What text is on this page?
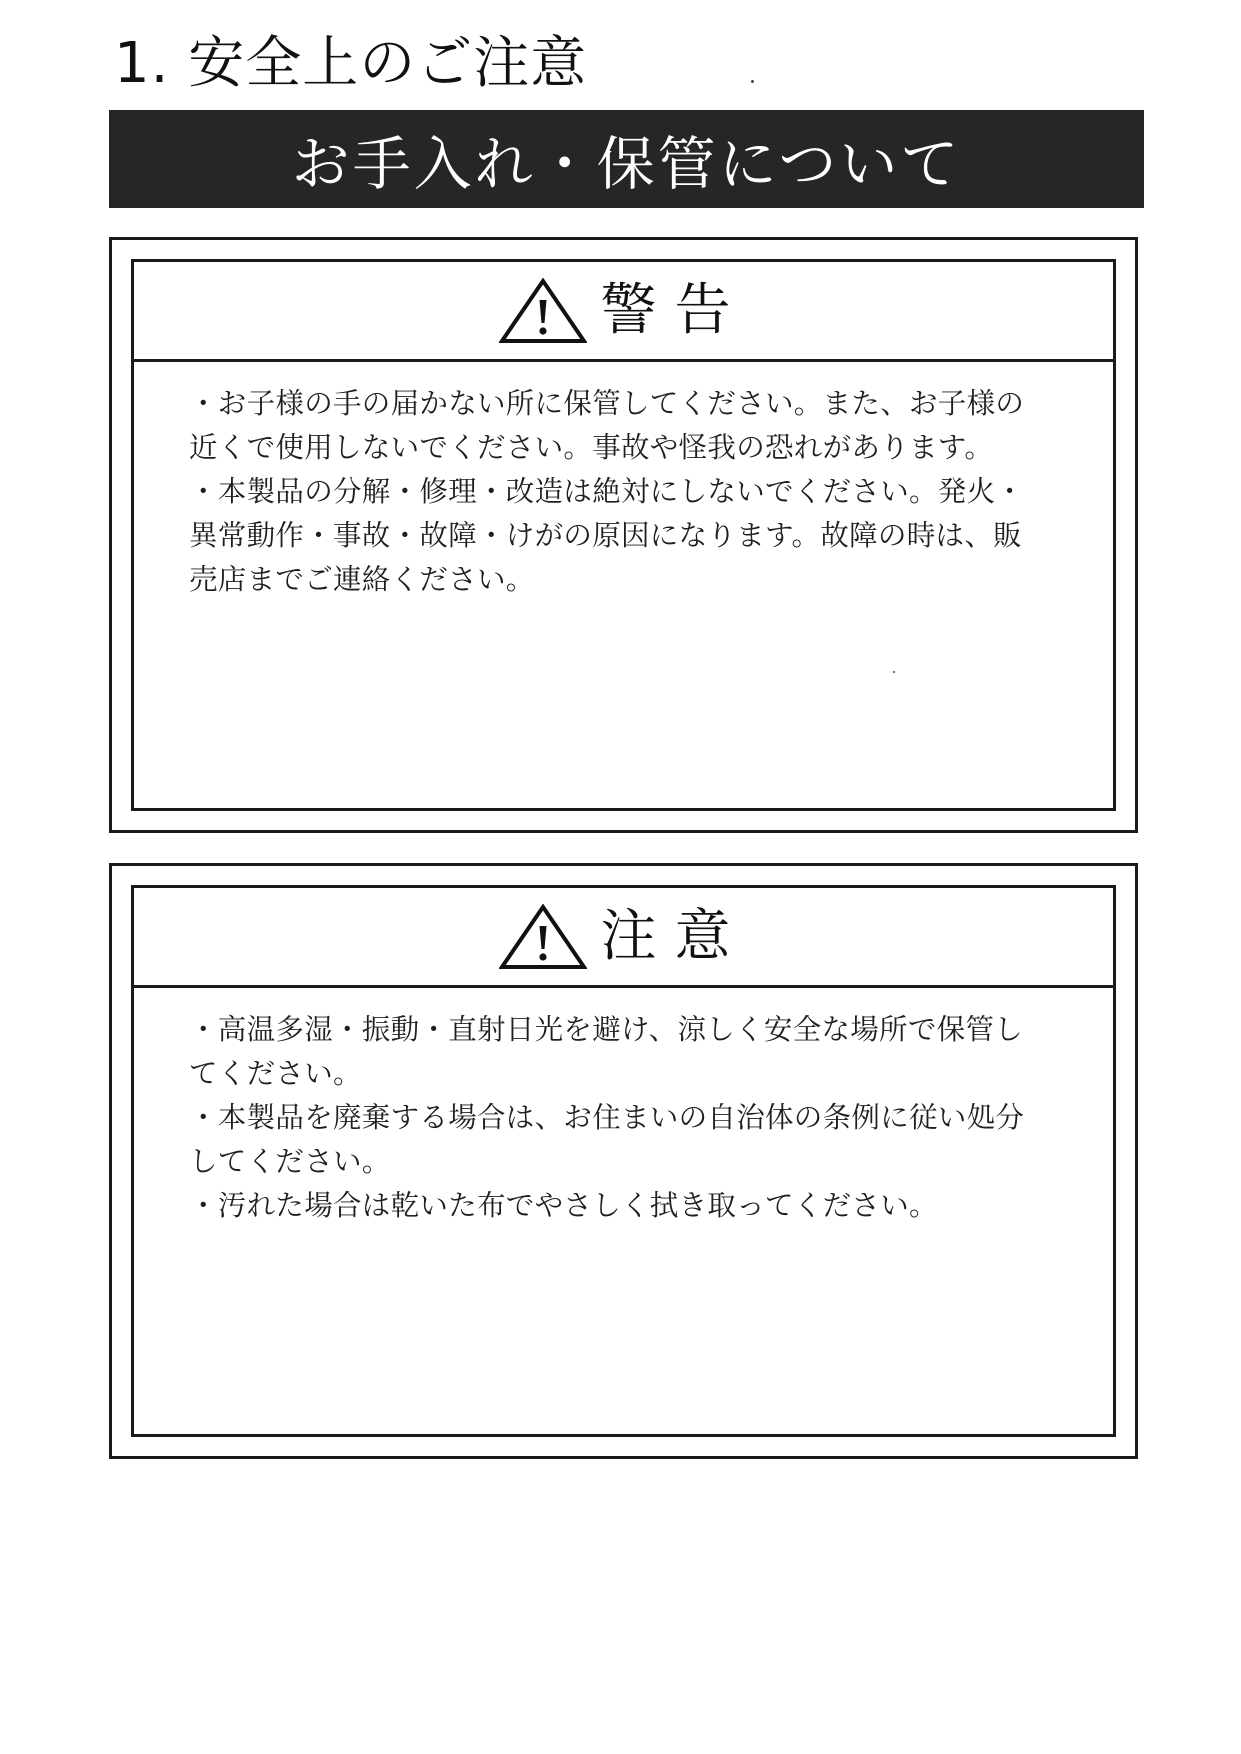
1. 安全上のご注意
お手入れ・保管について
警告

・お子様の手の届かない所に保管してください。また、お子様の

近くで使用しないでください。事故や怪我の恐れがあります。

・本製品の分解・修理・改造は絶対にしないでください。発火・

異常動作・事故・故障・けがの原因になります。故障の時は、販

売店までご連絡ください。

注意

・高温多湿・振動・直射日光を避け、涼しく安全な場所で保管し

てください。

・本製品を廃棄する場合は、お住まいの自治体の条例に従い処分

してください。

・汚れた場合は乾いた布でやさしく拭き取ってください。
